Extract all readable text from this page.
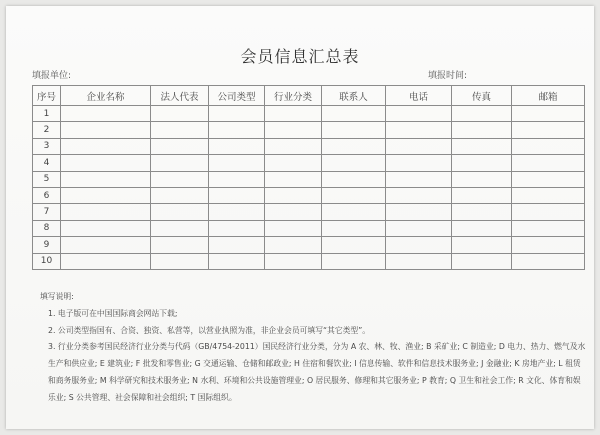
会员信息汇总表
填报单位:	填报时间:
序号	企业名称	法人代表	公司类型	行业分类	联系人	电话	传真	邮箱
1								
2								
3								
4								
5								
6								
7								
8								
9								
10								
填写说明:
1. 电子版可在中国国际商会网站下载;
2. 公司类型指国有、合资、独资、私营等，以营业执照为准，非企业会员可填写“其它类型”。
3. 行业分类参考国民经济行业分类与代码（GB/4754-2011）国民经济行业分类，分为 A 农、林、牧、渔业; B 采矿业; C 制造业; D 电力、热力、燃气及水生产和供应业; E 建筑业; F 批发和零售业; G 交通运输、仓储和邮政业; H 住宿和餐饮业; I 信息传输、软件和信息技术服务业; J 金融业; K 房地产业; L 租赁和商务服务业; M 科学研究和技术服务业; N 水利、环境和公共设施管理业; O 居民服务、修理和其它服务业; P 教育; Q 卫生和社会工作; R 文化、体育和娱乐业; S 公共管理、社会保障和社会组织; T 国际组织。
